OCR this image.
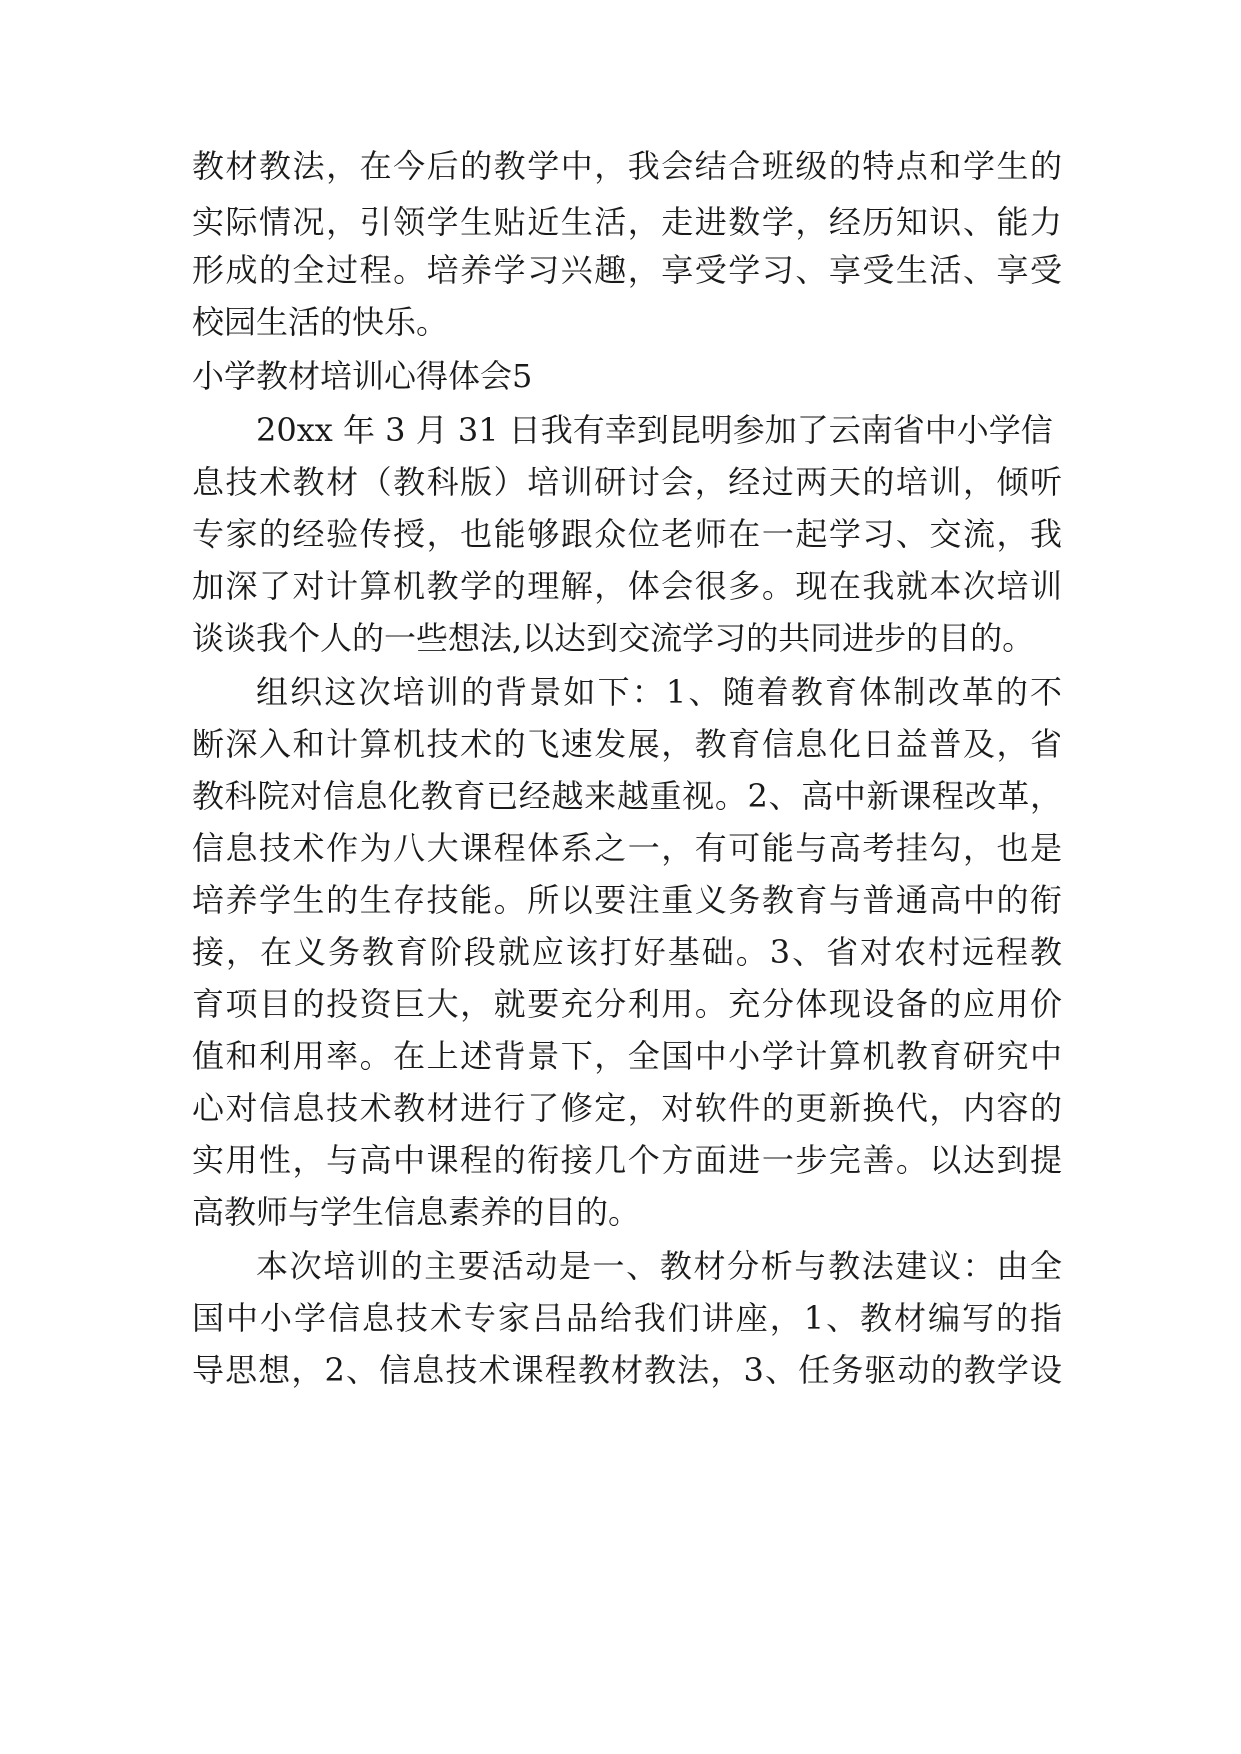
教材教法，在今后的教学中，我会结合班级的特点和学生的
实际情况，引领学生贴近生活，走进数学，经历知识、能力
形成的全过程。培养学习兴趣，享受学习、享受生活、享受
校园生活的快乐。
小学教材培训心得体会5
20xx 年 3 月 31 日我有幸到昆明参加了云南省中小学信
息技术教材（教科版）培训研讨会，经过两天的培训，倾听
专家的经验传授，也能够跟众位老师在一起学习、交流，我
加深了对计算机教学的理解，体会很多。现在我就本次培训
谈谈我个人的一些想法,以达到交流学习的共同进步的目的。
组织这次培训的背景如下：1、随着教育体制改革的不
断深入和计算机技术的飞速发展，教育信息化日益普及，省
教科院对信息化教育已经越来越重视。2、高中新课程改革，
信息技术作为八大课程体系之一，有可能与高考挂勾，也是
培养学生的生存技能。所以要注重义务教育与普通高中的衔
接，在义务教育阶段就应该打好基础。3、省对农村远程教
育项目的投资巨大，就要充分利用。充分体现设备的应用价
值和利用率。在上述背景下，全国中小学计算机教育研究中
心对信息技术教材进行了修定，对软件的更新换代，内容的
实用性，与高中课程的衔接几个方面进一步完善。以达到提
高教师与学生信息素养的目的。
本次培训的主要活动是一、教材分析与教法建议：由全
国中小学信息技术专家吕品给我们讲座，1、教材编写的指
导思想，2、信息技术课程教材教法，3、任务驱动的教学设
